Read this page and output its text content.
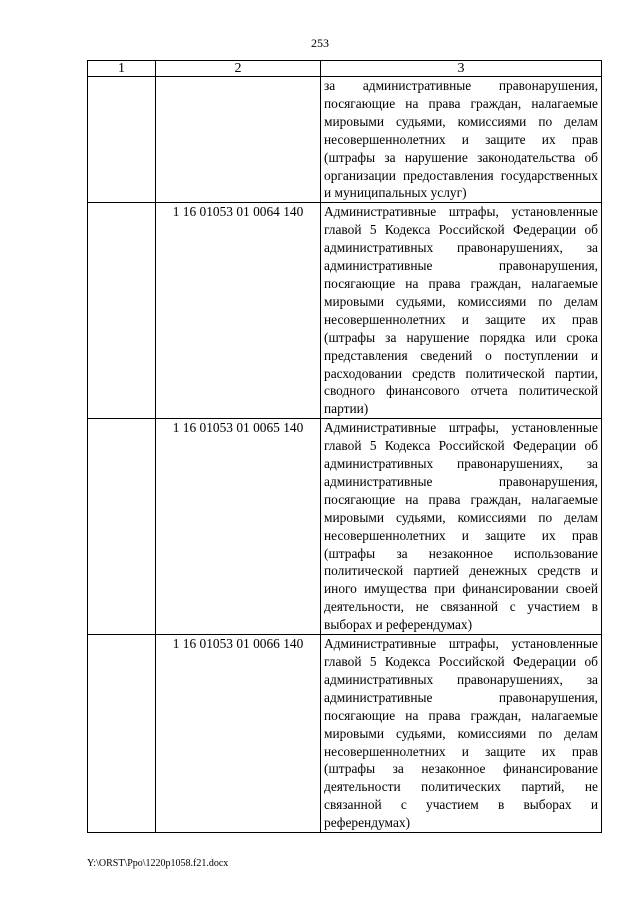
253
1	2	3
		за административные правонарушения, посягающие на права граждан, налагаемые мировыми судьями, комиссиями по делам несовершеннолетних и защите их прав (штрафы за нарушение законодательства об организации предоставления государственных и муниципальных услуг)
	1 16 01053 01 0064 140	Административные штрафы, установленные главой 5 Кодекса Российской Федерации об административных правонарушениях, за административные правонарушения, посягающие на права граждан, налагаемые мировыми судьями, комиссиями по делам несовершеннолетних и защите их прав (штрафы за нарушение порядка или срока представления сведений о поступлении и расходовании средств политической партии, сводного финансового отчета политической партии)
	1 16 01053 01 0065 140	Административные штрафы, установленные главой 5 Кодекса Российской Федерации об административных правонарушениях, за административные правонарушения, посягающие на права граждан, налагаемые мировыми судьями, комиссиями по делам несовершеннолетних и защите их прав (штрафы за незаконное использование политической партией денежных средств и иного имущества при финансировании своей деятельности, не связанной с участием в выборах и референдумах)
	1 16 01053 01 0066 140	Административные штрафы, установленные главой 5 Кодекса Российской Федерации об административных правонарушениях, за административные правонарушения, посягающие на права граждан, налагаемые мировыми судьями, комиссиями по делам несовершеннолетних и защите их прав (штрафы за незаконное финансирование деятельности политических партий, не связанной с участием в выборах и референдумах)
Y:\ORST\Ppo\1220p1058.f21.docx
